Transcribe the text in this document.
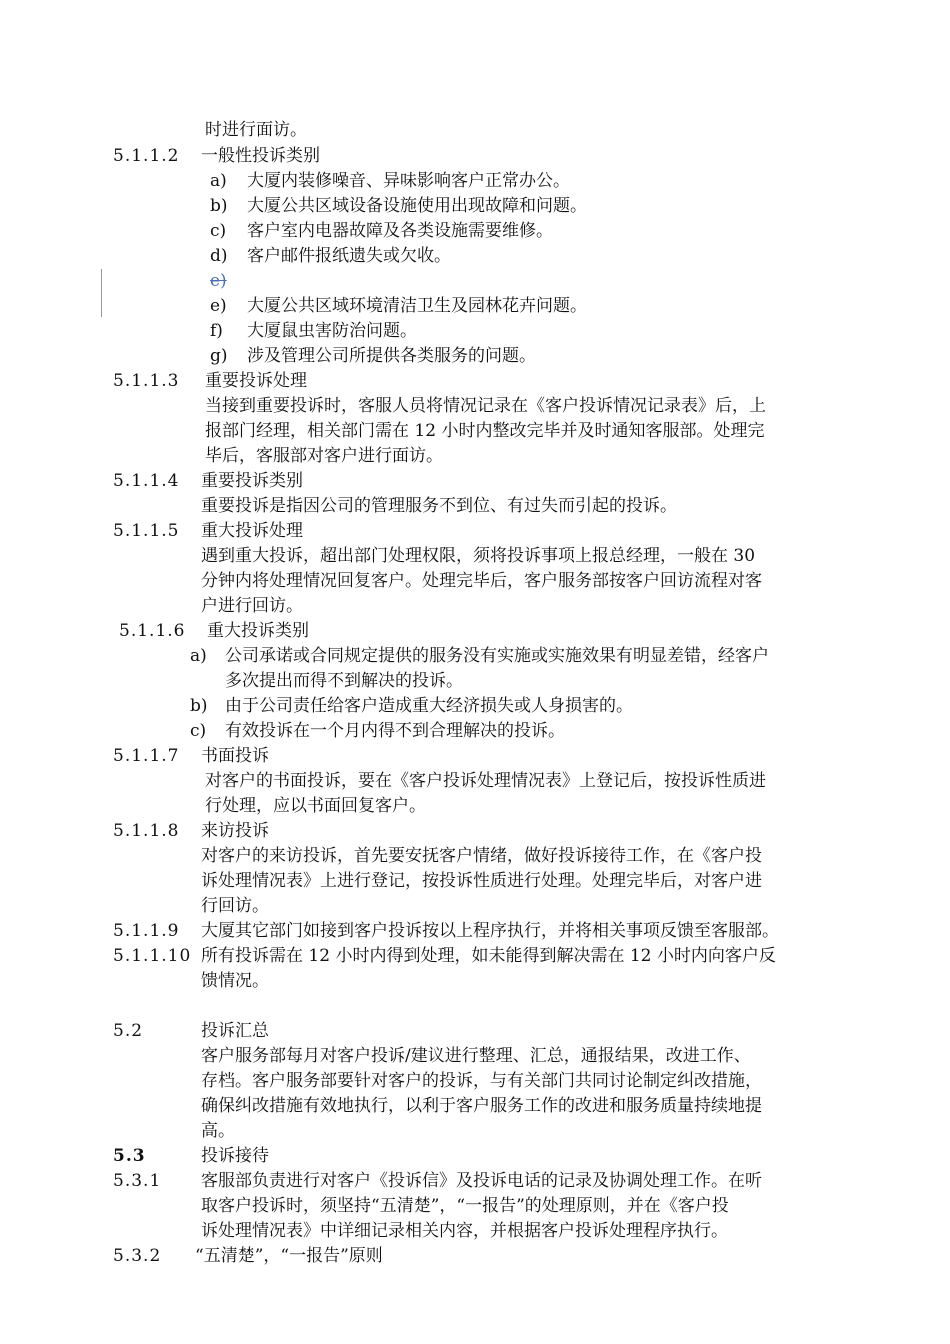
时进行面访。
5.1.1.2 一般性投诉类别
a) 大厦内装修噪音、异味影响客户正常办公。
b) 大厦公共区域设备设施使用出现故障和问题。
c) 客户室内电器故障及各类设施需要维修。
d) 客户邮件报纸遗失或欠收。
e)
e) 大厦公共区域环境清洁卫生及园林花卉问题。
f) 大厦鼠虫害防治问题。
g) 涉及管理公司所提供各类服务的问题。
5.1.1.3 重要投诉处理
当接到重要投诉时，客服人员将情况记录在《客户投诉情况记录表》后，上
报部门经理，相关部门需在 12 小时内整改完毕并及时通知客服部。处理完
毕后，客服部对客户进行面访。
5.1.1.4 重要投诉类别
重要投诉是指因公司的管理服务不到位、有过失而引起的投诉。
5.1.1.5 重大投诉处理
遇到重大投诉，超出部门处理权限，须将投诉事项上报总经理，一般在 30
分钟内将处理情况回复客户。处理完毕后，客户服务部按客户回访流程对客
户进行回访。
5.1.1.6 重大投诉类别
a) 公司承诺或合同规定提供的服务没有实施或实施效果有明显差错，经客户
多次提出而得不到解决的投诉。
b) 由于公司责任给客户造成重大经济损失或人身损害的。
c) 有效投诉在一个月内得不到合理解决的投诉。
5.1.1.7 书面投诉
对客户的书面投诉，要在《客户投诉处理情况表》上登记后，按投诉性质进
行处理，应以书面回复客户。
5.1.1.8 来访投诉
对客户的来访投诉，首先要安抚客户情绪，做好投诉接待工作，在《客户投
诉处理情况表》上进行登记，按投诉性质进行处理。处理完毕后，对客户进
行回访。
5.1.1.9 大厦其它部门如接到客户投诉按以上程序执行，并将相关事项反馈至客服部。
5.1.1.10 所有投诉需在 12 小时内得到处理，如未能得到解决需在 12 小时内向客户反
馈情况。
5.2	投诉汇总
客户服务部每月对客户投诉/建议进行整理、汇总，通报结果，改进工作、
存档。客户服务部要针对客户的投诉，与有关部门共同讨论制定纠改措施，
确保纠改措施有效地执行，以利于客户服务工作的改进和服务质量持续地提
高。
5.3	投诉接待
5.3.1 客服部负责进行对客户《投诉信》及投诉电话的记录及协调处理工作。在听
取客户投诉时，须坚持“五清楚”，“一报告”的处理原则，并在《客户投
诉处理情况表》中详细记录相关内容，并根据客户投诉处理程序执行。
5.3.2 “五清楚”，“一报告”原则
